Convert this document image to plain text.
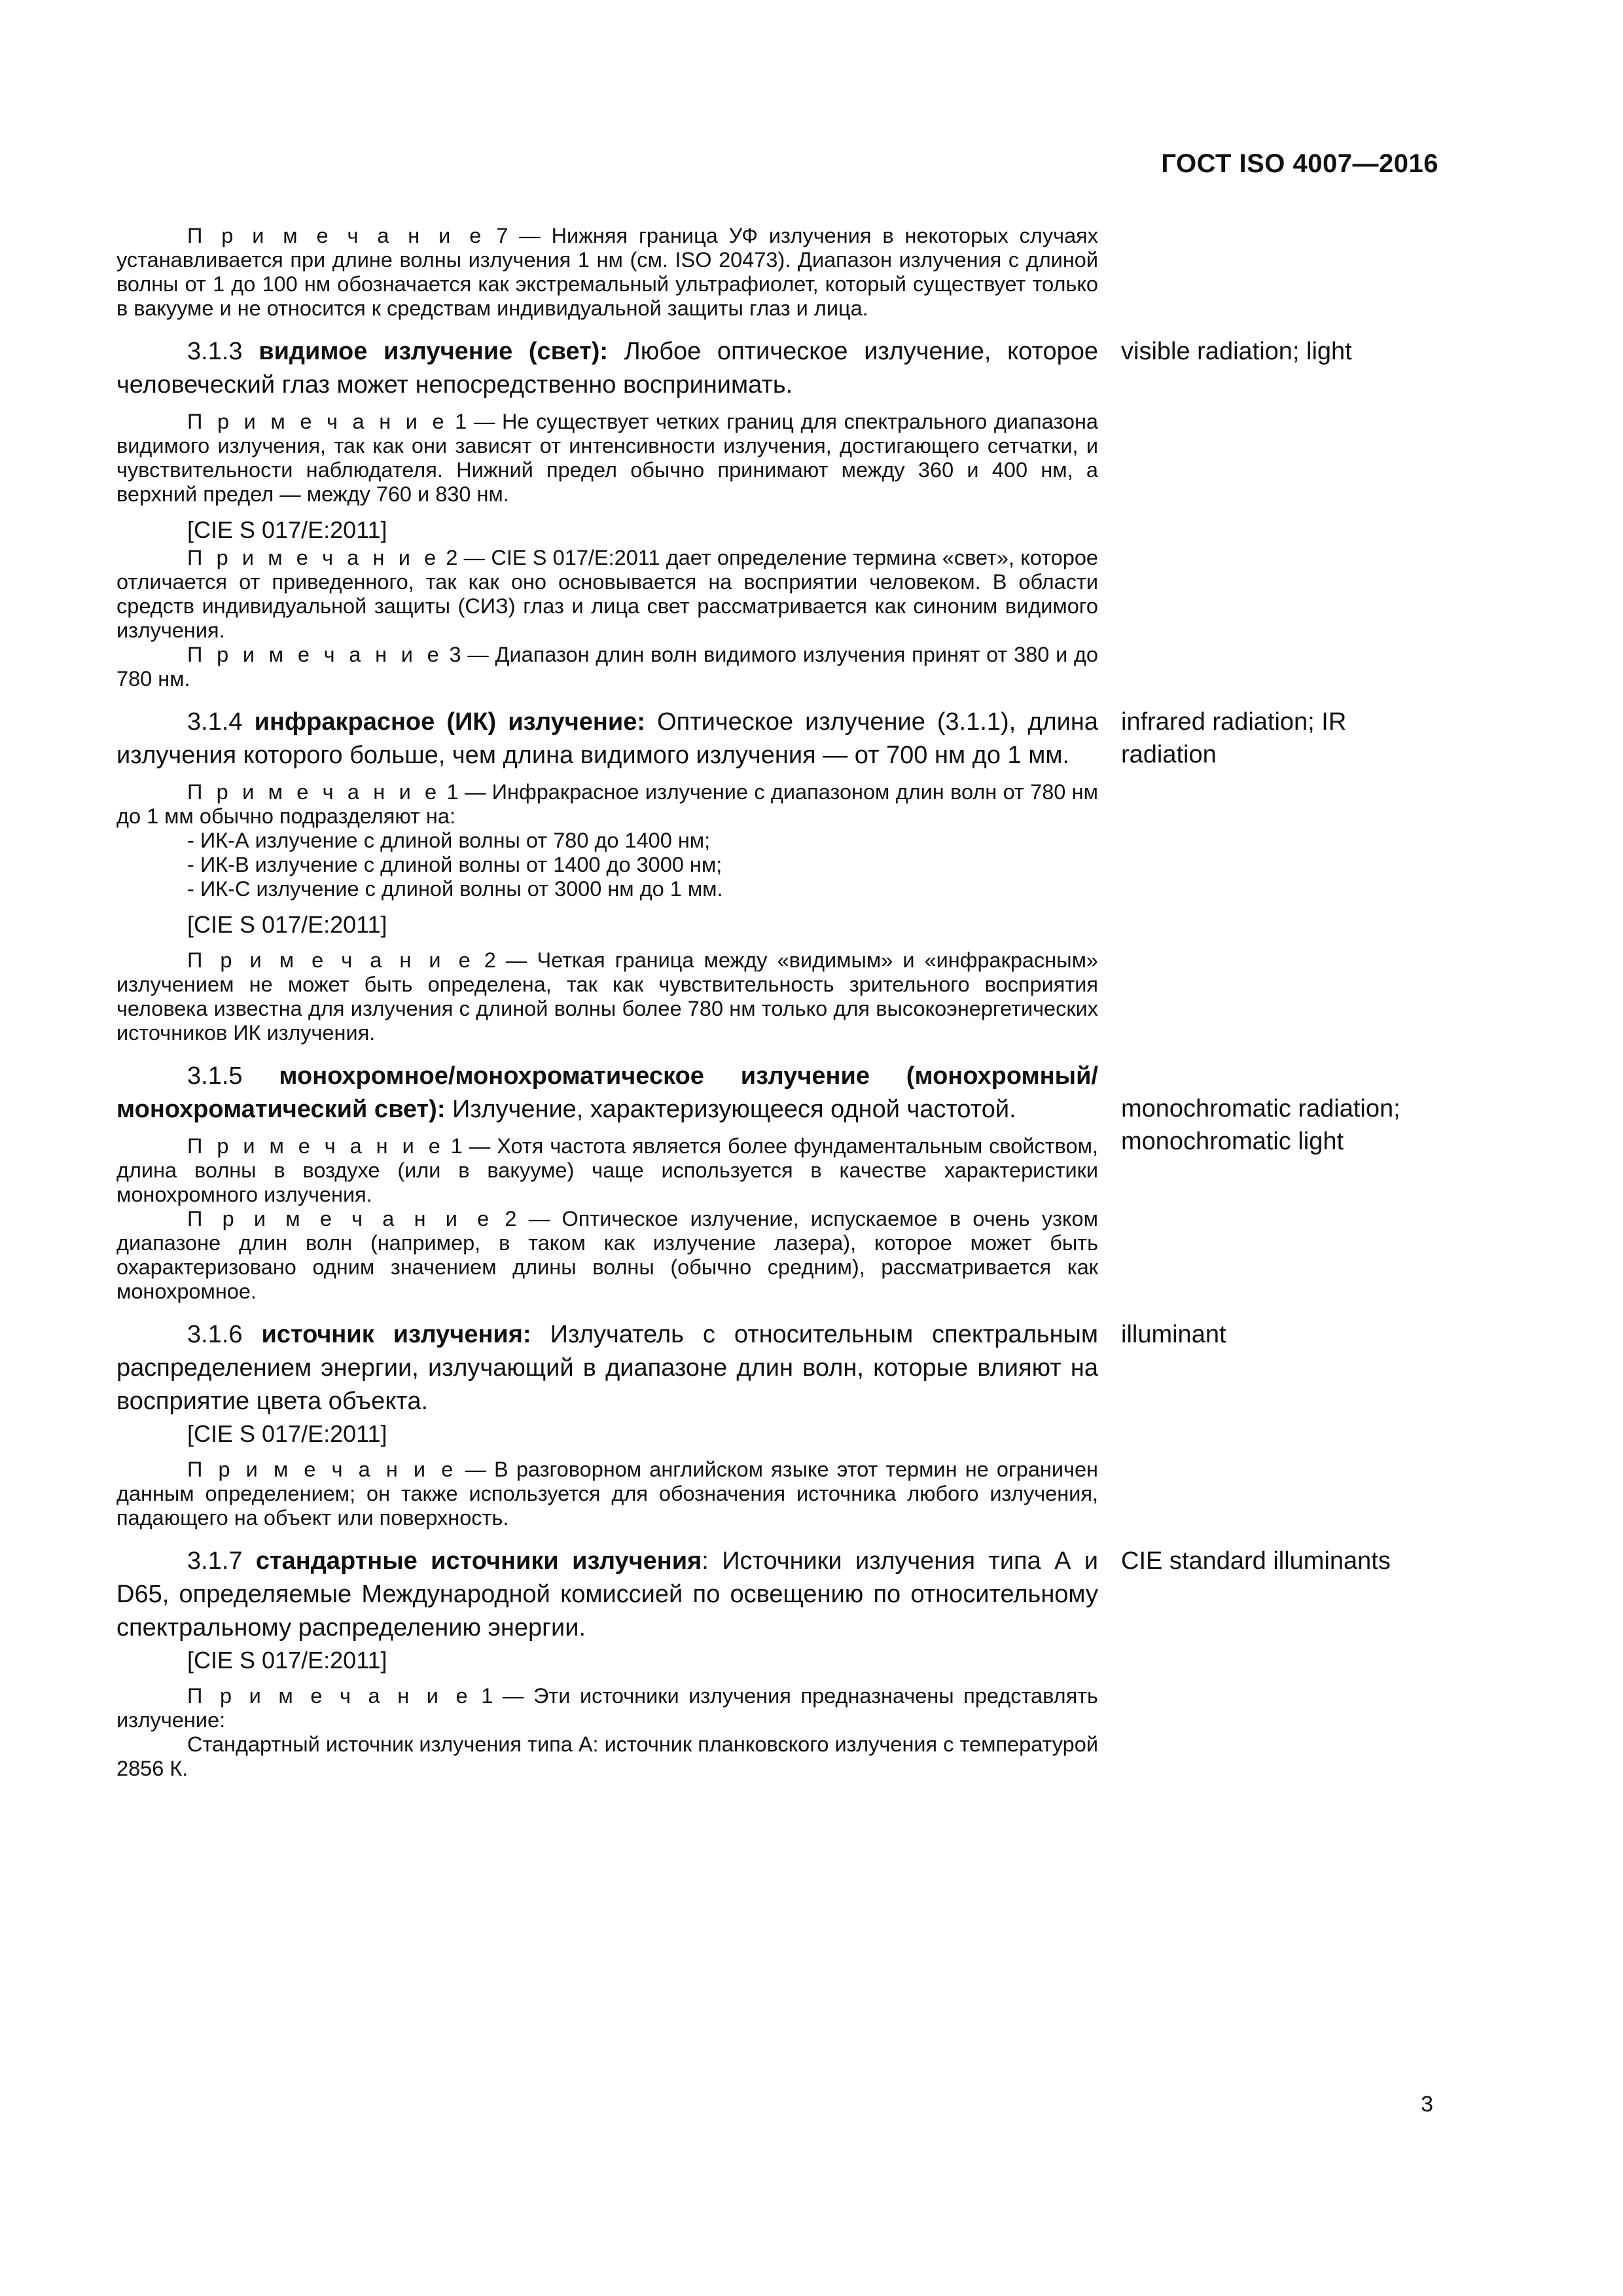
ГОСТ ISO 4007—2016

П р и м е ч а н и е 7 — Нижняя граница УФ излучения в некоторых случаях устанавливается при длине волны излучения 1 нм (см. ISO 20473). Диапазон излучения с длиной волны от 1 до 100 нм обозначается как экстремальный ультрафиолет, который существует только в вакууме и не относится к средствам индивидуальной защиты глаз и лица.

3.1.3 видимое излучение (свет): Любое оптическое излучение, которое человеческий глаз может непосредственно воспринимать.

П р и м е ч а н и е 1 — Не существует четких границ для спектрального диапазона видимого излучения, так как они зависят от интенсивности излучения, достигающего сетчатки, и чувствительности наблюдателя. Нижний предел обычно принимают между 360 и 400 нм, а верхний предел — между 760 и 830 нм.

[CIE S 017/E:2011]

П р и м е ч а н и е 2 — CIE S 017/E:2011 дает определение термина «свет», которое отличается от приведенного, так как оно основывается на восприятии человеком. В области средств индивидуальной защиты (СИЗ) глаз и лица свет рассматривается как синоним видимого излучения.

П р и м е ч а н и е 3 — Диапазон длин волн видимого излучения принят от 380 и до 780 нм.

visible radiation; light

3.1.4 инфракрасное (ИК) излучение: Оптическое излучение (3.1.1), длина излучения которого больше, чем длина видимого излучения — от 700 нм до 1 мм.

П р и м е ч а н и е 1 — Инфракрасное излучение с диапазоном длин волн от 780 нм до 1 мм обычно подразделяют на:

- ИК-А излучение с длиной волны от 780 до 1400 нм;

- ИК-В излучение с длиной волны от 1400 до 3000 нм;

- ИК-С излучение с длиной волны от 3000 нм до 1 мм.

[CIE S 017/E:2011]

П р и м е ч а н и е 2 — Четкая граница между «видимым» и «инфракрасным» излучением не может быть определена, так как чувствительность зрительного восприятия человека известна для излучения с длиной волны более 780 нм только для высокоэнергетических источников ИК излучения.

infrared radiation; IR radiation

3.1.5 монохромное/монохроматическое излучение (монохромный/монохроматический свет): Излучение, характеризующееся одной частотой.

П р и м е ч а н и е 1 — Хотя частота является более фундаментальным свойством, длина волны в воздухе (или в вакууме) чаще используется в качестве характеристики монохромного излучения.

П р и м е ч а н и е 2 — Оптическое излучение, испускаемое в очень узком диапазоне длин волн (например, в таком как излучение лазера), которое может быть охарактеризовано одним значением длины волны (обычно средним), рассматривается как монохромное.

monochromatic radiation; monochromatic light

3.1.6 источник излучения: Излучатель с относительным спектральным распределением энергии, излучающий в диапазоне длин волн, которые влияют на восприятие цвета объекта.

[CIE S 017/E:2011]

П р и м е ч а н и е — В разговорном английском языке этот термин не ограничен данным определением; он также используется для обозначения источника любого излучения, падающего на объект или поверхность.

illuminant

3.1.7 стандартные источники излучения: Источники излучения типа А и D65, определяемые Международной комиссией по освещению по относительному спектральному распределению энергии.

[CIE S 017/E:2011]

П р и м е ч а н и е 1 — Эти источники излучения предназначены представлять излучение:

Стандартный источник излучения типа А: источник планковского излучения с температурой 2856 К.

CIE standard illuminants
3
